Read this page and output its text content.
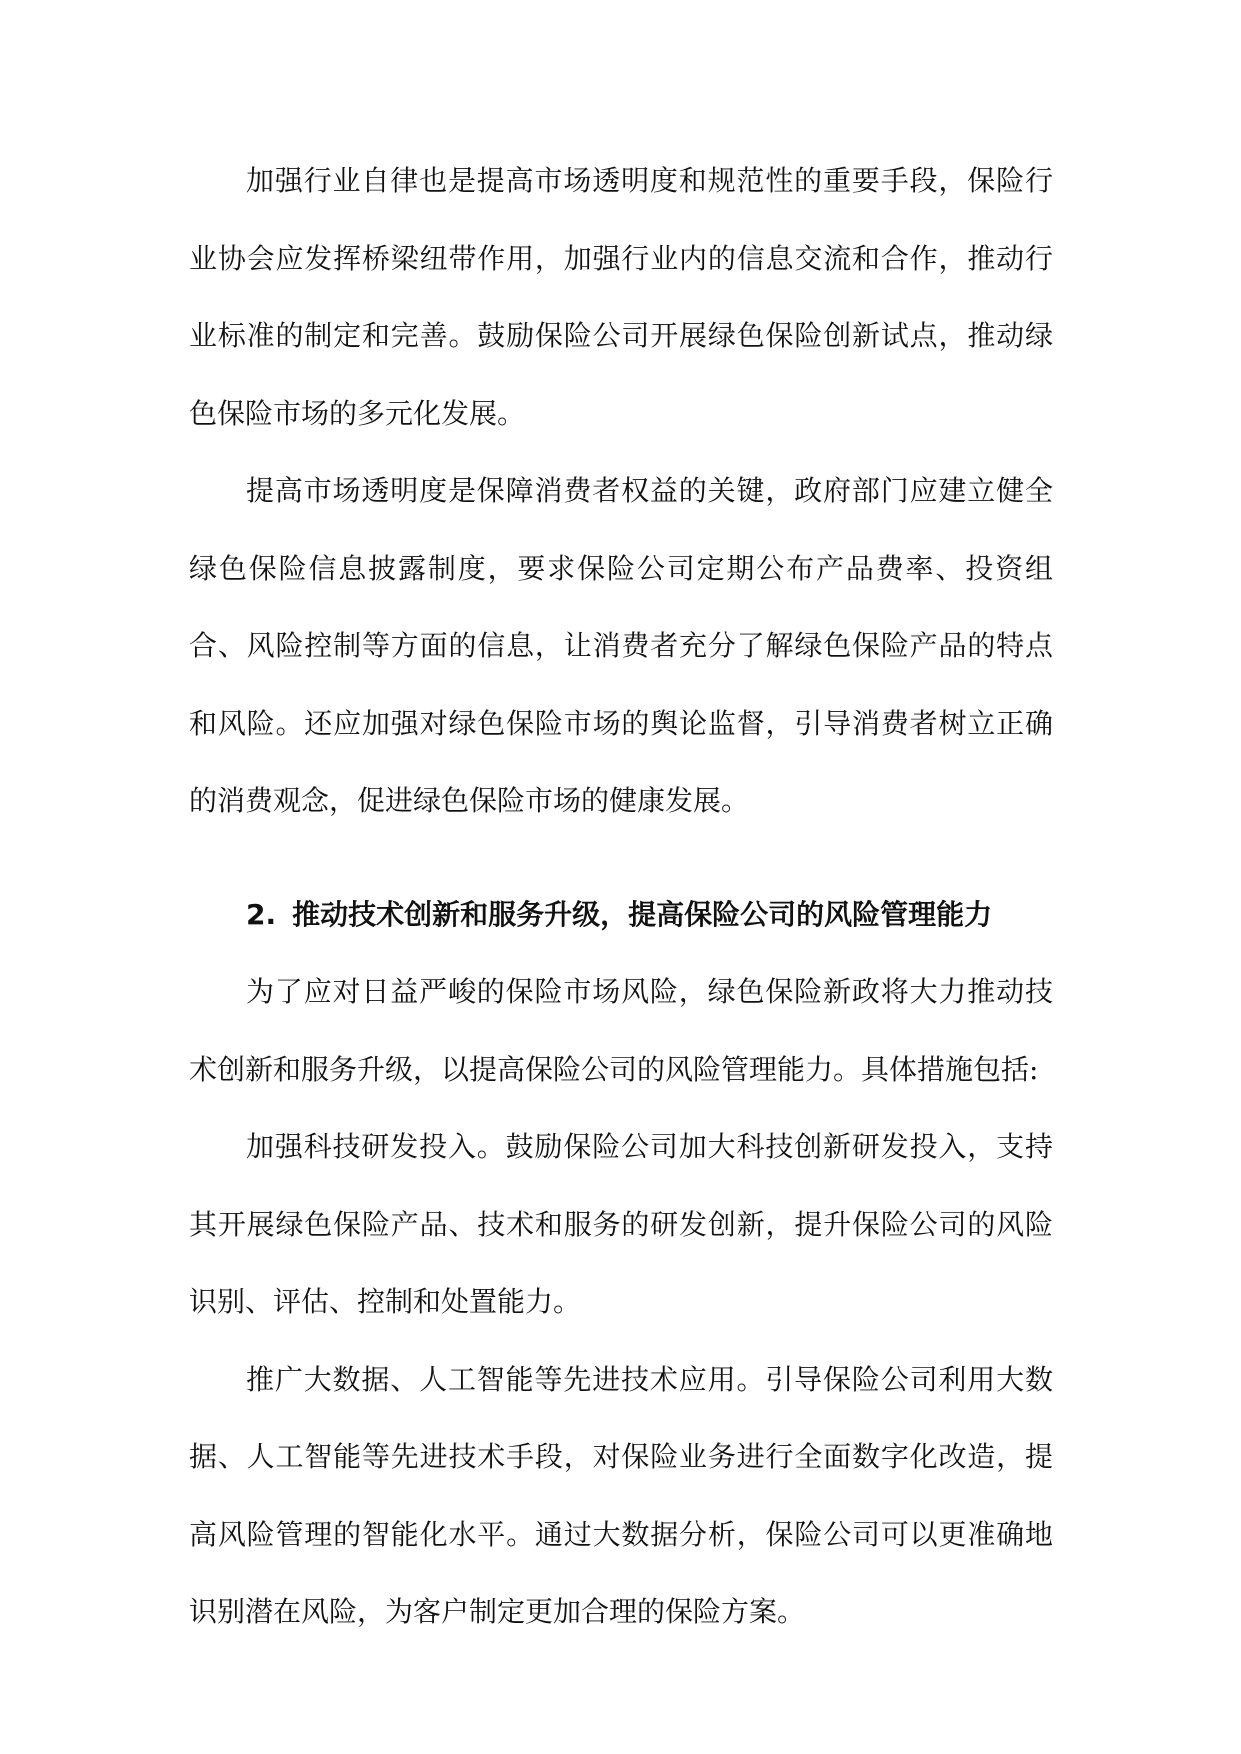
加强行业自律也是提高市场透明度和规范性的重要手段，保险行业协会应发挥桥梁纽带作用，加强行业内的信息交流和合作，推动行业标准的制定和完善。鼓励保险公司开展绿色保险创新试点，推动绿色保险市场的多元化发展。

提高市场透明度是保障消费者权益的关键，政府部门应建立健全绿色保险信息披露制度，要求保险公司定期公布产品费率、投资组合、风险控制等方面的信息，让消费者充分了解绿色保险产品的特点和风险。还应加强对绿色保险市场的舆论监督，引导消费者树立正确的消费观念，促进绿色保险市场的健康发展。

2. 推动技术创新和服务升级，提高保险公司的风险管理能力

为了应对日益严峻的保险市场风险，绿色保险新政将大力推动技术创新和服务升级，以提高保险公司的风险管理能力。具体措施包括:

加强科技研发投入。鼓励保险公司加大科技创新研发投入，支持其开展绿色保险产品、技术和服务的研发创新，提升保险公司的风险识别、评估、控制和处置能力。

推广大数据、人工智能等先进技术应用。引导保险公司利用大数据、人工智能等先进技术手段，对保险业务进行全面数字化改造，提高风险管理的智能化水平。通过大数据分析，保险公司可以更准确地识别潜在风险，为客户制定更加合理的保险方案。
